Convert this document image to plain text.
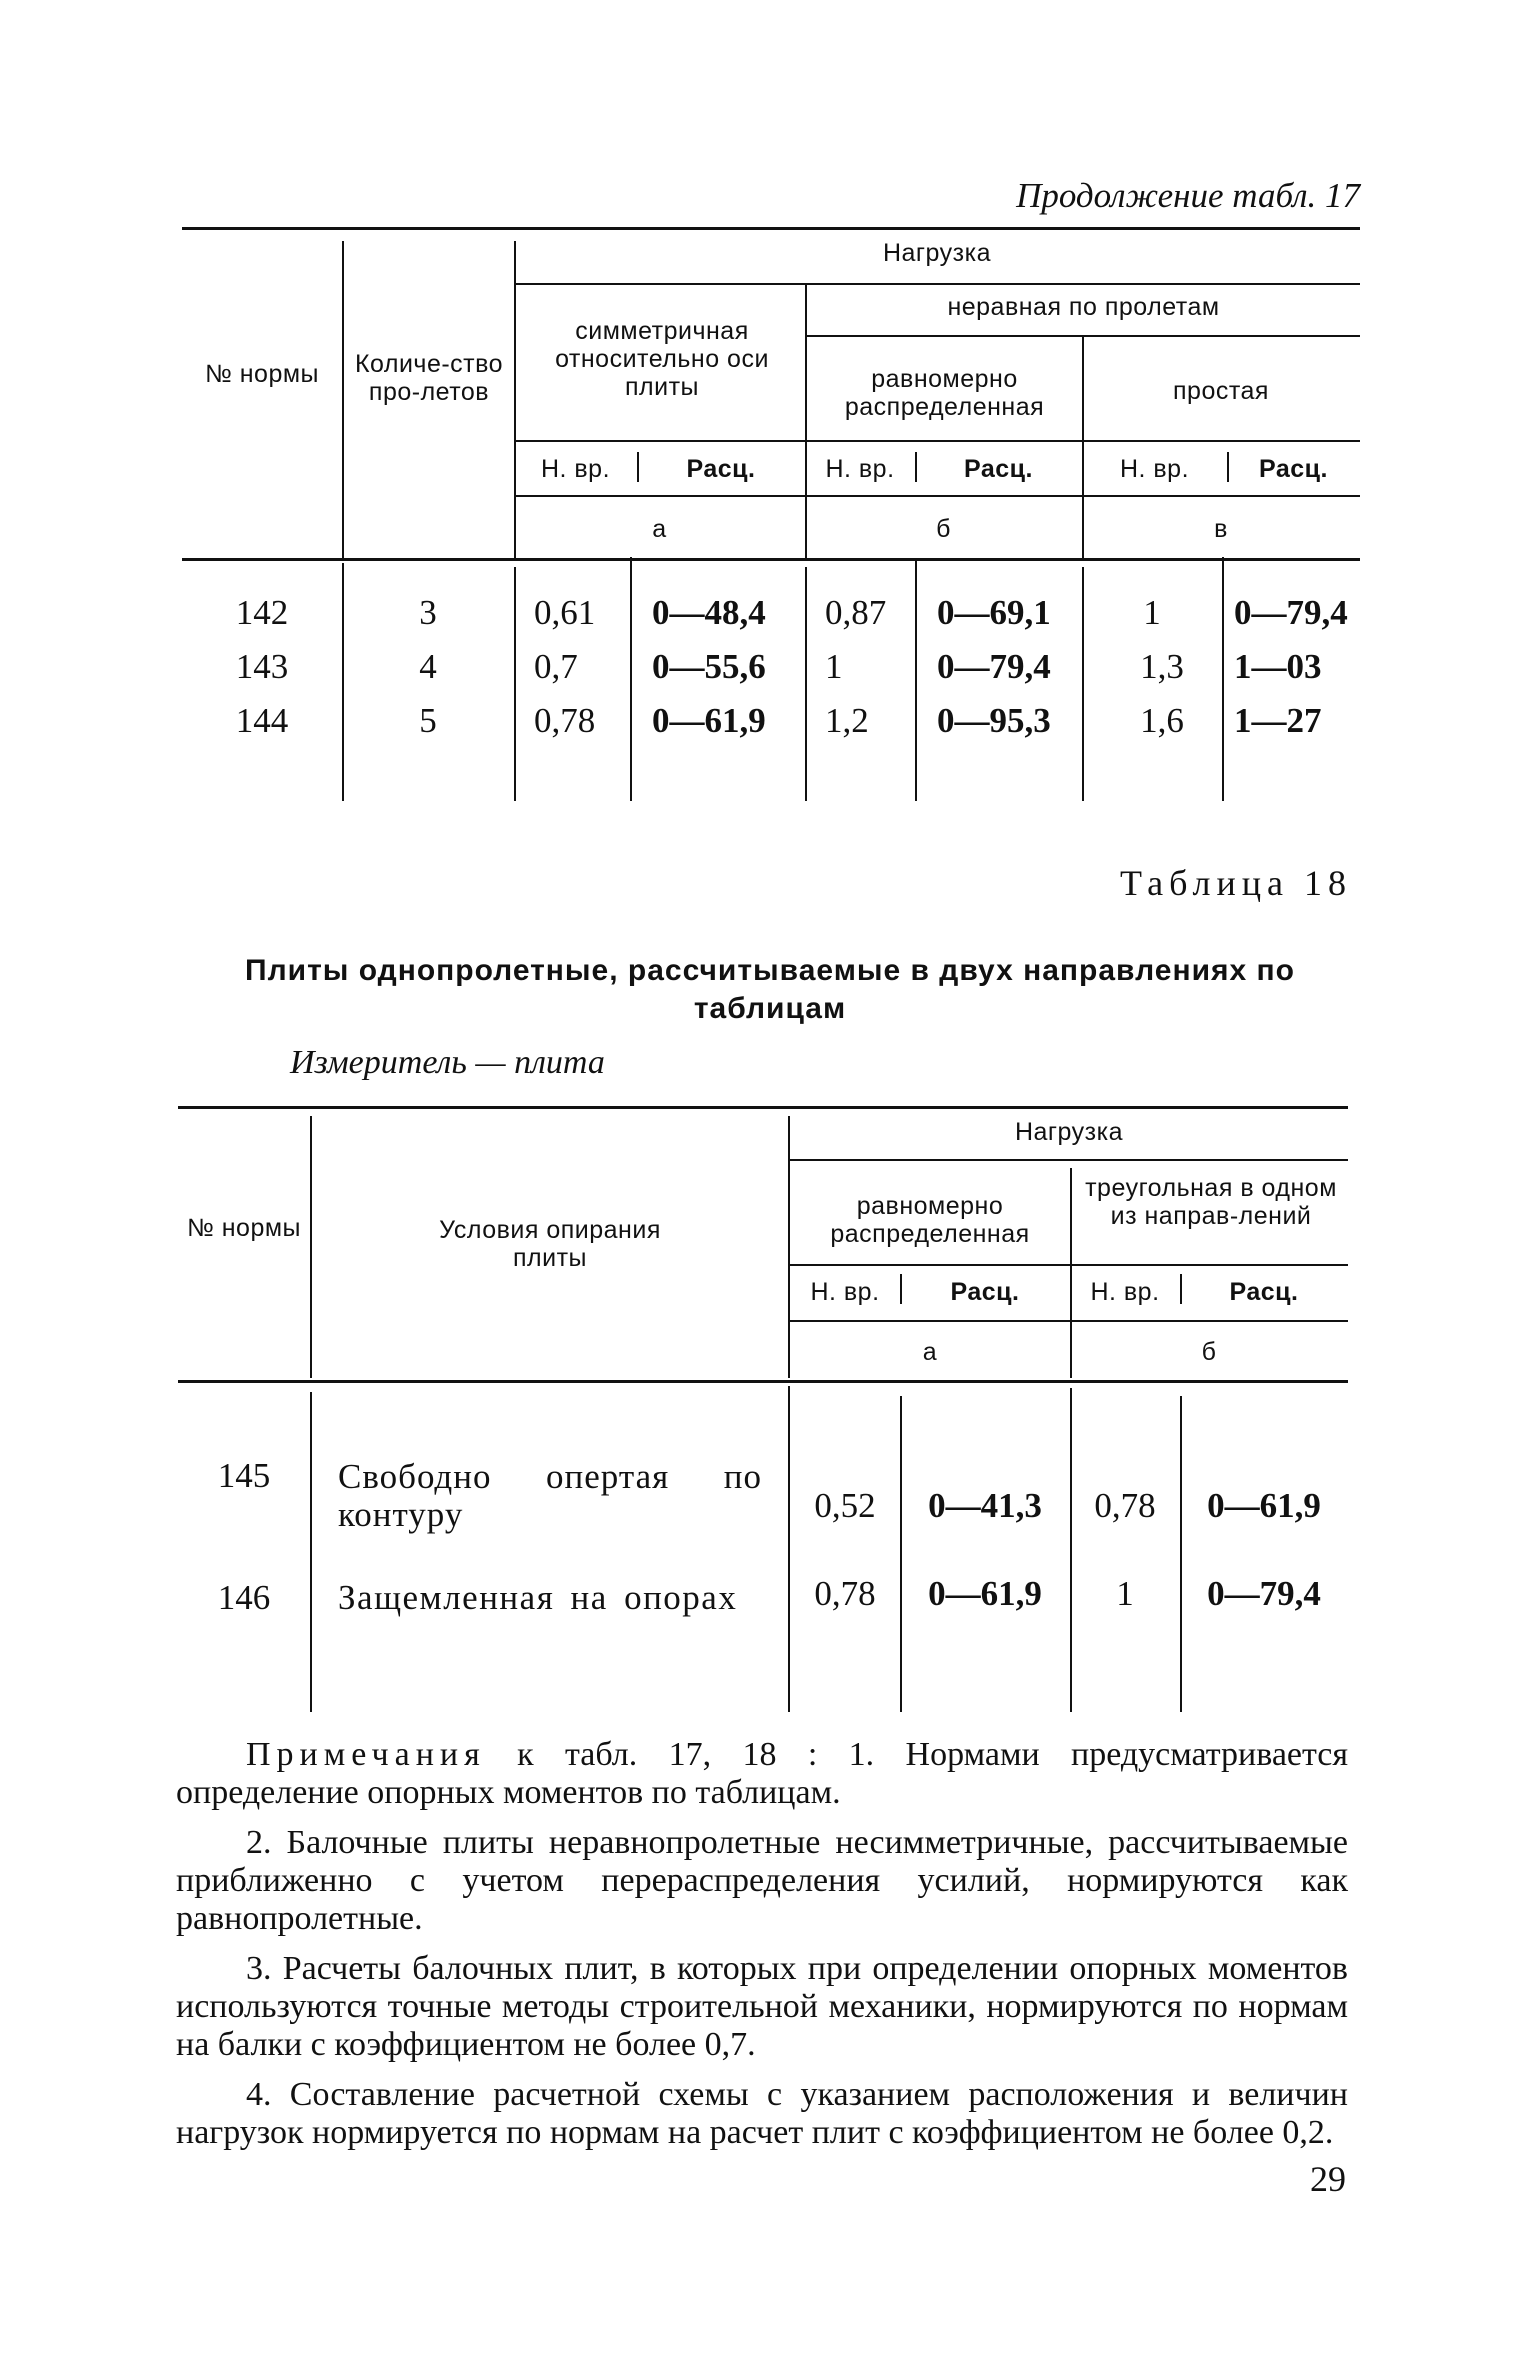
Продолжение табл. 17
№ нормы	Количе-ство про-летов
Нагрузка
симметричная относительно оси плиты
неравная по пролетам
равномерно распределенная
простая
Н. вр.	Расц.	Н. вр.	Расц.	Н. вр.	Расц.
а	б	в
142	3	0,61	0—48,4	0,87	0—69,1	1	0—79,4
143	4	0,7	0—55,6	1	0—79,4	1,3	1—03
144	5	0,78	0—61,9	1,2	0—95,3	1,6	1—27
Таблица 18
Плиты однопролетные, рассчитываемые в двух направлениях по таблицам
Измеритель — плита
№ нормы	Условия опирания плиты
Нагрузка
равномерно распределенная
треугольная в одном из направ-лений
Н. вр.	Расц.	Н. вр.	Расц.
а	б
145	Свободно опертая по контуру	0,52	0—41,3	0,78	0—61,9
146	Защемленная на опорах	0,78	0—61,9	1	0—79,4

Примечания к табл. 17, 18 : 1. Нормами предусматривается определение опорных моментов по таблицам.

2. Балочные плиты неравнопролетные несимметричные, рассчитываемые приближенно с учетом перераспределения усилий, нормируются как равнопролетные.

3. Расчеты балочных плит, в которых при определении опорных моментов используются точные методы строительной механики, нормируются по нормам на балки с коэффициентом не более 0,7.

4. Составление расчетной схемы с указанием расположения и величин нагрузок нормируется по нормам на расчет плит с коэффициентом не более 0,2.

29
